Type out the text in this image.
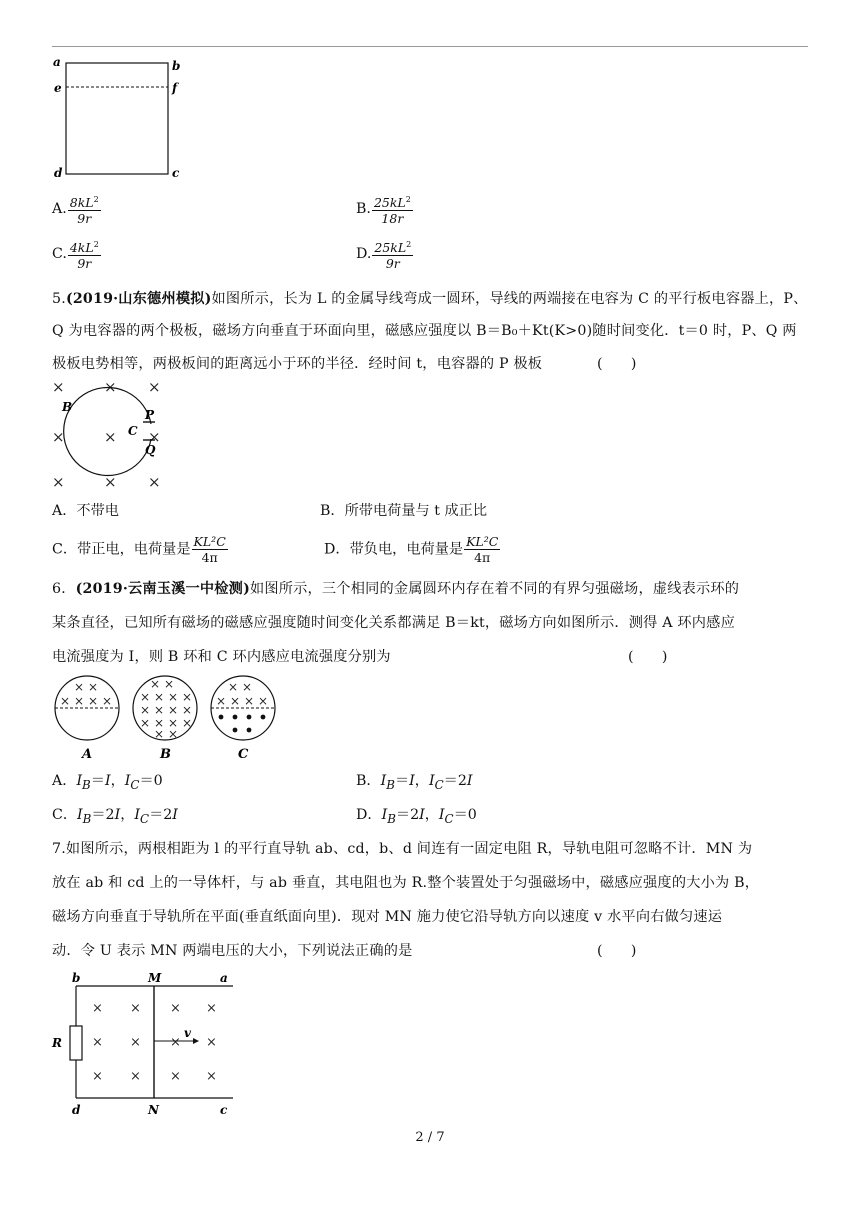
a	b
e	f
d	c
A. $\frac{8kL^2}{9r}$	B. $\frac{25kL^2}{18r}$
C. $\frac{4kL^2}{9r}$	D. $\frac{25kL^2}{9r}$
5.(2019·山东德州模拟)如图所示，长为 L 的金属导线弯成一圆环，导线的两端接在电容为 C 的平行板电容器上，P、
Q 为电容器的两个极板，磁场方向垂直于环面向里，磁感应强度以 B＝B₀＋Kt(K>0)随时间变化．t＝0 时，P、Q 两
极板电势相等，两极板间的距离远小于环的半径．经时间 t，电容器的 P 极板	(　　)
×	× ×
×	× ×
×	× ×
B
C
P
Q
A．不带电	B．所带电荷量与 t 成正比
C．带正电，电荷量是 $\frac{\text{KL²C}}{4\pi}$	D．带负电，电荷量是 $\frac{\text{KL²C}}{4\pi}$
6．(2019·云南玉溪一中检测)如图所示，三个相同的金属圆环内存在着不同的有界匀强磁场，虚线表示环的
某条直径，已知所有磁场的磁感应强度随时间变化关系都满足 B＝kt，磁场方向如图所示．测得 A 环内感应
电流强度为 I，则 B 环和 C 环内感应电流强度分别为	(　　)
× ×
× × × ×
× ×
× × × ×
× × × ×
× × × ×
× ×
× ×
× × × ×
A	B	C
A．$I_B=I$，$I_C=0$	B．$I_B=I$，$I_C=2I$
C．$I_B=2I$，$I_C=2I$	D．$I_B=2I$，$I_C=0$
7.如图所示，两根相距为 l 的平行直导轨 ab、cd，b、d 间连有一固定电阻 R，导轨电阻可忽略不计．MN 为
放在 ab 和 cd 上的一导体杆，与 ab 垂直，其电阻也为 R.整个装置处于匀强磁场中，磁感应强度的大小为 B，
磁场方向垂直于导轨所在平面(垂直纸面向里)．现对 MN 施力使它沿导轨方向以速度 v 水平向右做匀速运
动．令 U 表示 MN 两端电压的大小，下列说法正确的是	(　　)
× × × ×
× × × ×
× × × ×
v
b	M	a
R
d	N	c
2 / 7
